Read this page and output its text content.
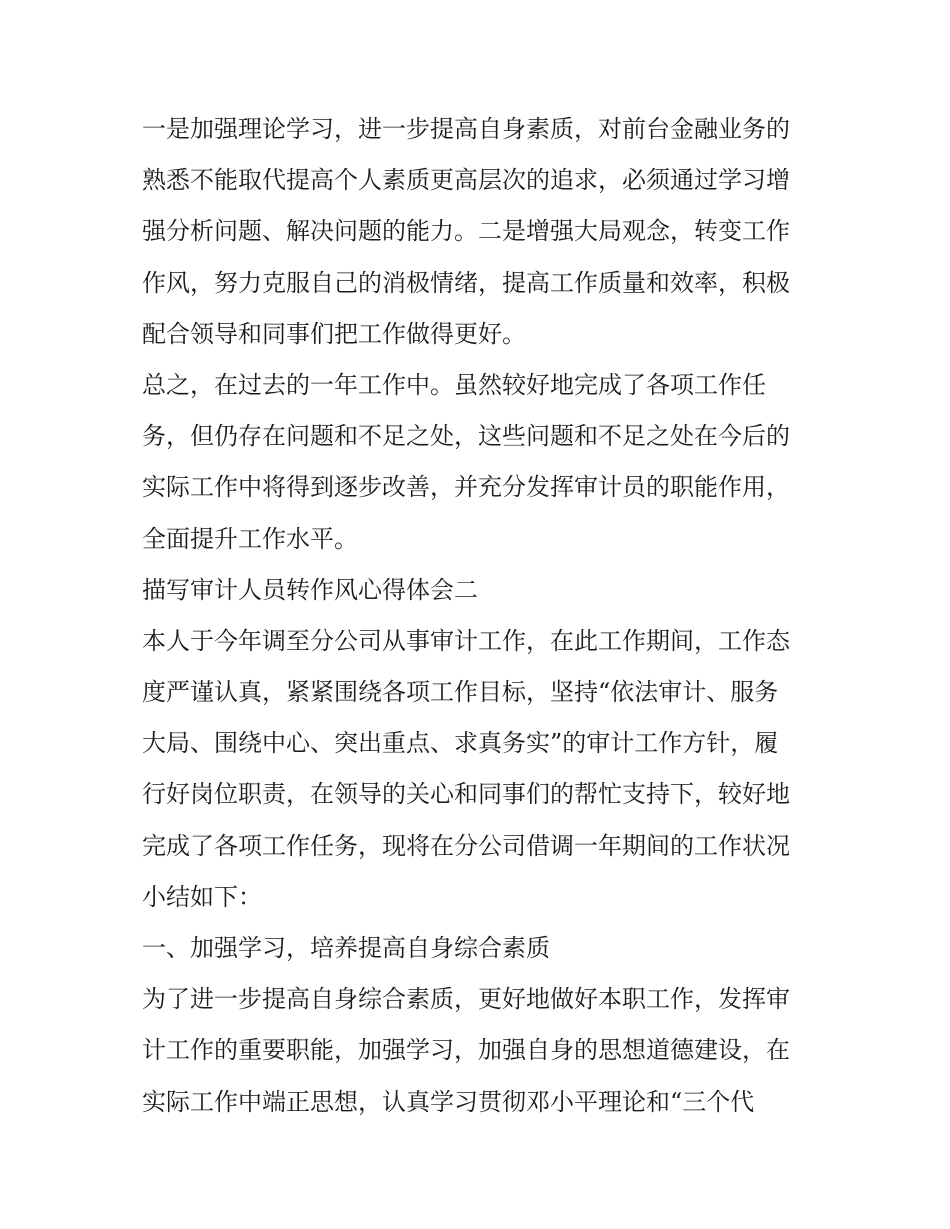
一是加强理论学习，进一步提高自身素质，对前台金融业务的
熟悉不能取代提高个人素质更高层次的追求，必须通过学习增
强分析问题、解决问题的能力。二是增强大局观念，转变工作
作风，努力克服自己的消极情绪，提高工作质量和效率，积极
配合领导和同事们把工作做得更好。
总之，在过去的一年工作中。虽然较好地完成了各项工作任
务，但仍存在问题和不足之处，这些问题和不足之处在今后的
实际工作中将得到逐步改善，并充分发挥审计员的职能作用，
全面提升工作水平。
描写审计人员转作风心得体会二
本人于今年调至分公司从事审计工作，在此工作期间，工作态
度严谨认真，紧紧围绕各项工作目标，坚持“依法审计、服务
大局、围绕中心、突出重点、求真务实”的审计工作方针，履
行好岗位职责，在领导的关心和同事们的帮忙支持下，较好地
完成了各项工作任务，现将在分公司借调一年期间的工作状况
小结如下：
一、加强学习，培养提高自身综合素质
为了进一步提高自身综合素质，更好地做好本职工作，发挥审
计工作的重要职能，加强学习，加强自身的思想道德建设，在
实际工作中端正思想，认真学习贯彻邓小平理论和“三个代
